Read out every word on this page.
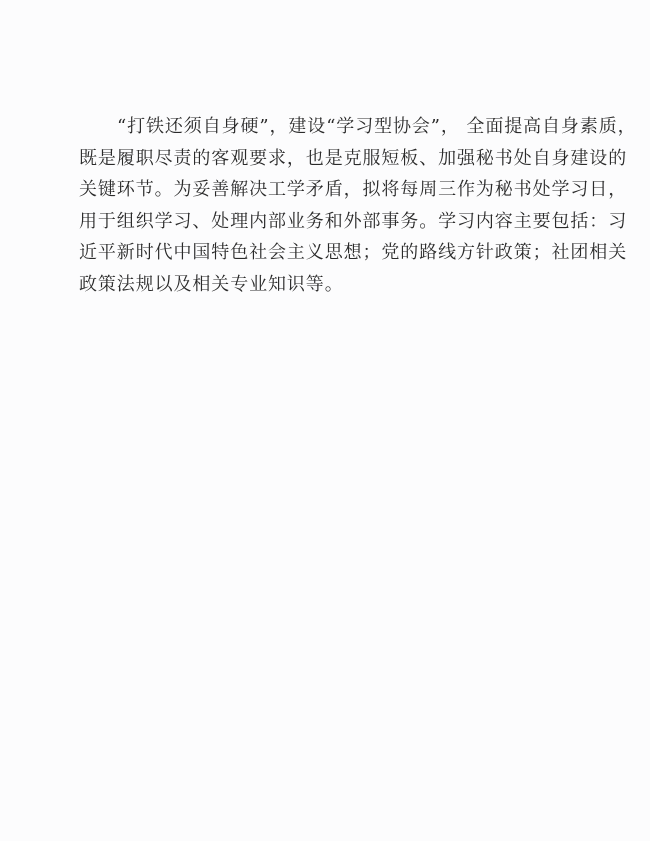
“打铁还须自身硬”，建设“学习型协会”， 全面提高自身素质，
既是履职尽责的客观要求，也是克服短板、加强秘书处自身建设的
关键环节。为妥善解决工学矛盾，拟将每周三作为秘书处学习日，
用于组织学习、处理内部业务和外部事务。学习内容主要包括：习
近平新时代中国特色社会主义思想；党的路线方针政策；社团相关
政策法规以及相关专业知识等。
